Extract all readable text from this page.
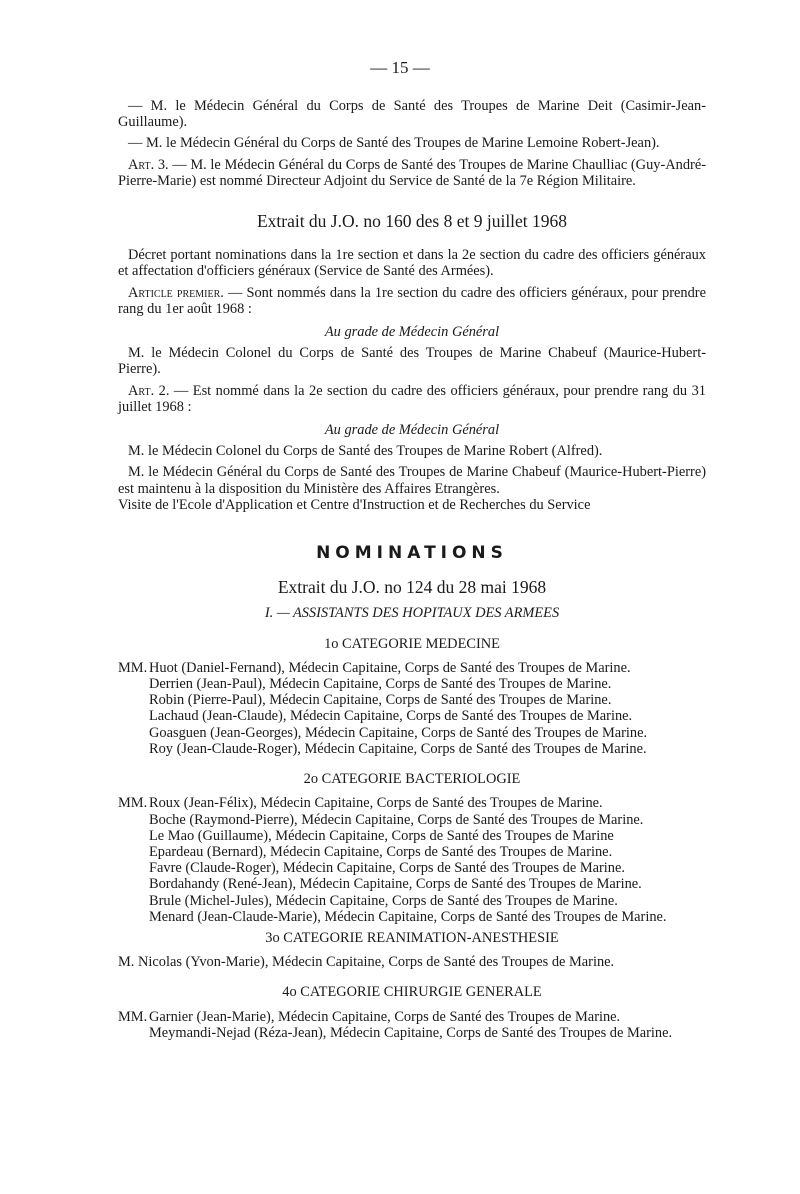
— 15 —

— M. le Médecin Général du Corps de Santé des Troupes de Marine Deit (Casimir-Jean-Guillaume).

— M. le Médecin Général du Corps de Santé des Troupes de Marine Lemoine Robert-Jean).

Art. 3. — M. le Médecin Général du Corps de Santé des Troupes de Marine Chaulliac (Guy-André-Pierre-Marie) est nommé Directeur Adjoint du Service de Santé de la 7e Région Militaire.

Extrait du J.O. no 160 des 8 et 9 juillet 1968

Décret portant nominations dans la 1re section et dans la 2e section du cadre des officiers généraux et affectation d'officiers généraux (Service de Santé des Armées).

Article premier. — Sont nommés dans la 1re section du cadre des officiers généraux, pour prendre rang du 1er août 1968 :

Au grade de Médecin Général

M. le Médecin Colonel du Corps de Santé des Troupes de Marine Chabeuf (Maurice-Hubert-Pierre).

Art. 2. — Est nommé dans la 2e section du cadre des officiers généraux, pour prendre rang du 31 juillet 1968 :

Au grade de Médecin Général

M. le Médecin Colonel du Corps de Santé des Troupes de Marine Robert (Alfred).

M. le Médecin Général du Corps de Santé des Troupes de Marine Chabeuf (Maurice-Hubert-Pierre) est maintenu à la disposition du Ministère des Affaires Etrangères.

Visite de l'Ecole d'Application et Centre d'Instruction et de Recherches du Service

NOMINATIONS
Extrait du J.O. no 124 du 28 mai 1968

I. — ASSISTANTS DES HOPITAUX DES ARMEES

1o CATEGORIE MEDECINE

MM. Huot (Daniel-Fernand), Médecin Capitaine, Corps de Santé des Troupes de Marine.

Derrien (Jean-Paul), Médecin Capitaine, Corps de Santé des Troupes de Marine.

Robin (Pierre-Paul), Médecin Capitaine, Corps de Santé des Troupes de Marine.

Lachaud (Jean-Claude), Médecin Capitaine, Corps de Santé des Troupes de Marine.

Goasguen (Jean-Georges), Médecin Capitaine, Corps de Santé des Troupes de Marine.

Roy (Jean-Claude-Roger), Médecin Capitaine, Corps de Santé des Troupes de Marine.

2o CATEGORIE BACTERIOLOGIE

MM. Roux (Jean-Félix), Médecin Capitaine, Corps de Santé des Troupes de Marine.

Boche (Raymond-Pierre), Médecin Capitaine, Corps de Santé des Troupes de Marine.

Le Mao (Guillaume), Médecin Capitaine, Corps de Santé des Troupes de Marine

Epardeau (Bernard), Médecin Capitaine, Corps de Santé des Troupes de Marine.

Favre (Claude-Roger), Médecin Capitaine, Corps de Santé des Troupes de Marine.

Bordahandy (René-Jean), Médecin Capitaine, Corps de Santé des Troupes de Marine.

Brule (Michel-Jules), Médecin Capitaine, Corps de Santé des Troupes de Marine.

Menard (Jean-Claude-Marie), Médecin Capitaine, Corps de Santé des Troupes de Marine.

3o CATEGORIE REANIMATION-ANESTHESIE

M. Nicolas (Yvon-Marie), Médecin Capitaine, Corps de Santé des Troupes de Marine.

4o CATEGORIE CHIRURGIE GENERALE

MM. Garnier (Jean-Marie), Médecin Capitaine, Corps de Santé des Troupes de Marine.

Meymandi-Nejad (Réza-Jean), Médecin Capitaine, Corps de Santé des Troupes de Marine.
